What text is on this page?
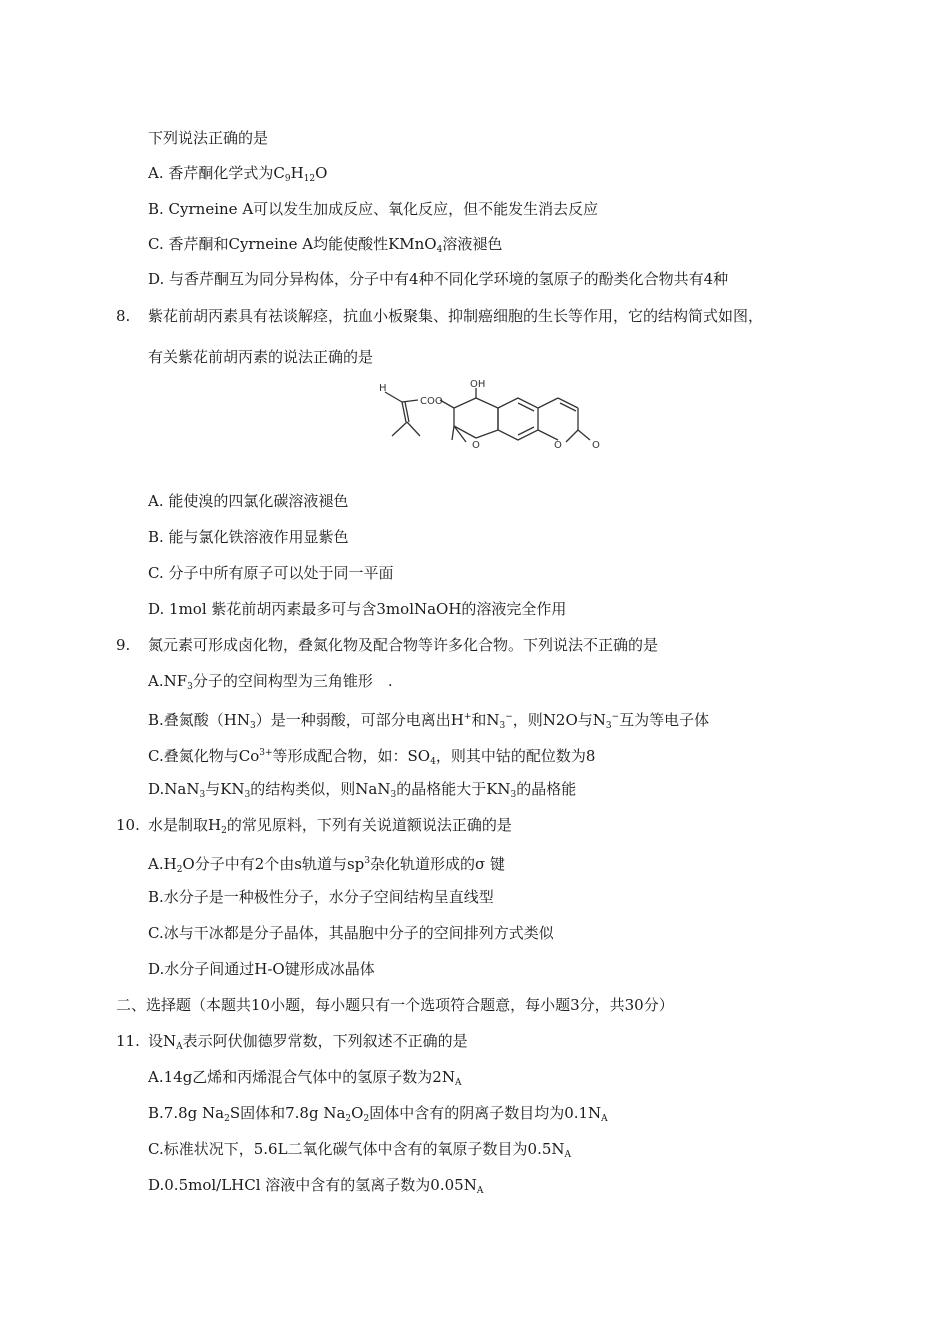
下列说法正确的是
A. 香芹酮化学式为$C_9H_{12}O$
B. Cyrneine A可以发生加成反应、氧化反应，但不能发生消去反应
C. 香芹酮和Cyrneine A均能使酸性KMnO$_4$溶液褪色
D. 与香芹酮互为同分异构体，分子中有4种不同化学环境的氢原子的酚类化合物共有4种
8. 紫花前胡丙素具有祛谈解痉，抗血小板聚集、抑制癌细胞的生长等作用，它的结构简式如图，
有关紫花前胡丙素的说法正确的是
H
COO
OH
O	O	O
A. 能使溴的四氯化碳溶液褪色
B. 能与氯化铁溶液作用显紫色
C. 分子中所有原子可以处于同一平面
D. 1mol 紫花前胡丙素最多可与含3molNaOH的溶液完全作用
9. 氮元素可形成卤化物，叠氮化物及配合物等许多化合物。下列说法不正确的是
$A.NF_3$分子的空间构型为三角锥形　.
B.叠氮酸$(HN_3)$是一种弱酸，可部分电离出H+和$N_3^-$，则N2O与$N_3^-$互为等电子体
C.叠氮化物与$Co^{3+}$等形成配合物，如：$SO_4$，则其中钴的配位数为8
D.NaN$_3$与$KN_3$的结构类似，则NaN$_3$的晶格能大于$KN_3$的晶格能
10. 水是制取$H_2$的常见原料，下列有关说道额说法正确的是
$A.H_2O$分子中有2个由s轨道与$sp^3$杂化轨道形成的σ 键
B.水分子是一种极性分子，水分子空间结构呈直线型
C.冰与干冰都是分子晶体，其晶胞中分子的空间排列方式类似
D.水分子间通过H-O键形成冰晶体
二、选择题（本题共10小题，每小题只有一个选项符合题意，每小题3分，共30分）
11. 设$N_A$表示阿伏伽德罗常数，下列叙述不正确的是
A.14g乙烯和丙烯混合气体中的氢原子数为$2N_A$
B.7.8g $Na_2S$固体和7.8g $Na_2O_2$固体中含有的阴离子数目均为$0.1N_A$
C.标准状况下，5.6L二氧化碳气体中含有的氧原子数目为$0.5N_A$
D.0.5mol/LHCl 溶液中含有的氢离子数为$0.05N_A$
